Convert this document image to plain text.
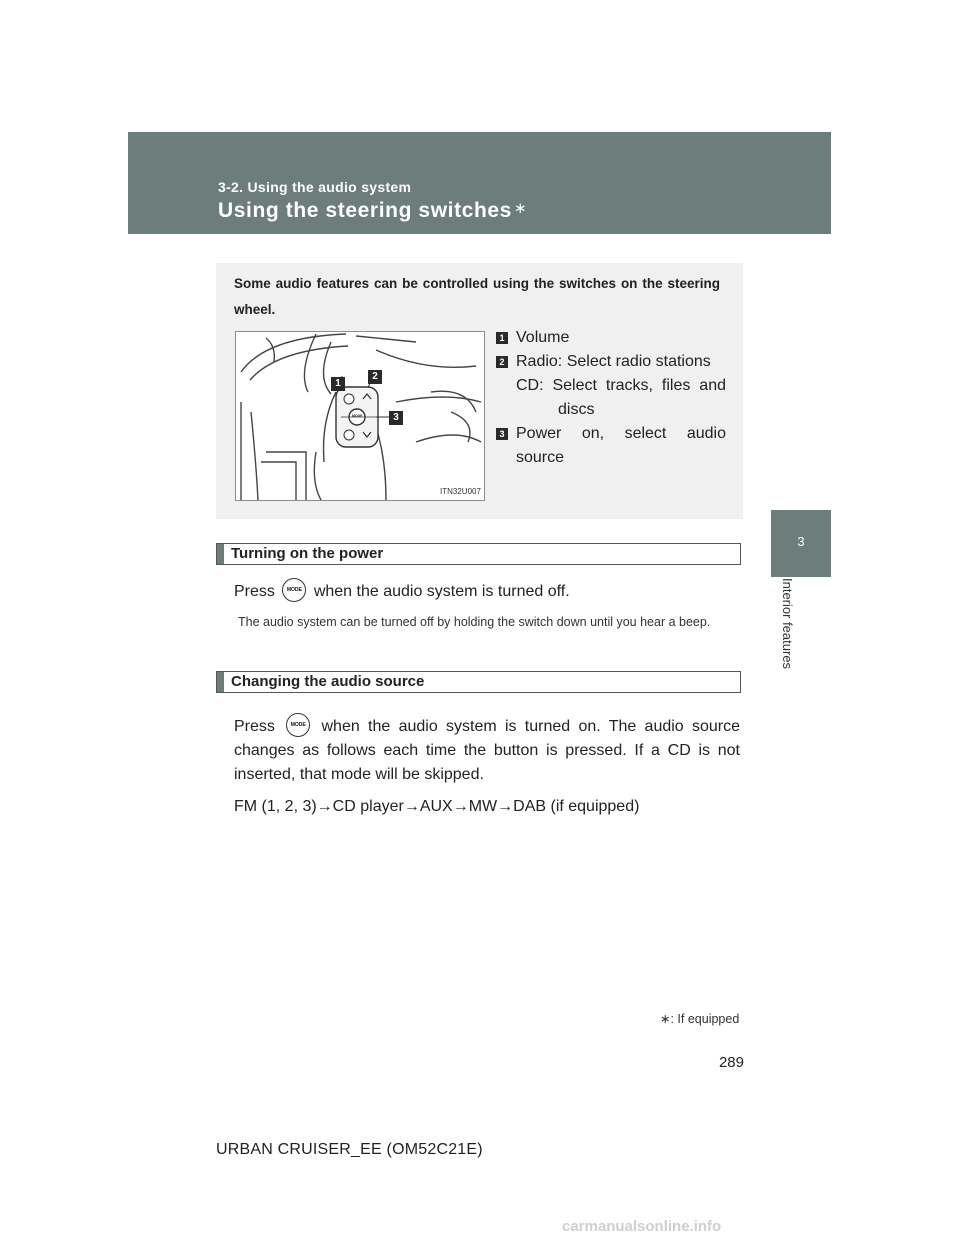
3-2. Using the audio system
Using the steering switches ∗
3
Interior features
Some audio features can be controlled using the switches on the steering wheel.
1
2
3
MODE
ITN32U007
1 Volume
2 Radio: Select radio stations
CD: Select tracks, files and
discs
3 Power on, select audio
source
Turning on the power
Press MODE when the audio system is turned off.
The audio system can be turned off by holding the switch down until you hear a beep.
Changing the audio source
Press	MODE when the audio system is turned on. The audio source changes as follows each time the button is pressed. If a CD is not inserted, that mode will be skipped.
FM (1, 2, 3)→CD player→AUX→MW→DAB (if equipped)
∗: If equipped
289
URBAN CRUISER_EE (OM52C21E)
carmanualsonline.info
